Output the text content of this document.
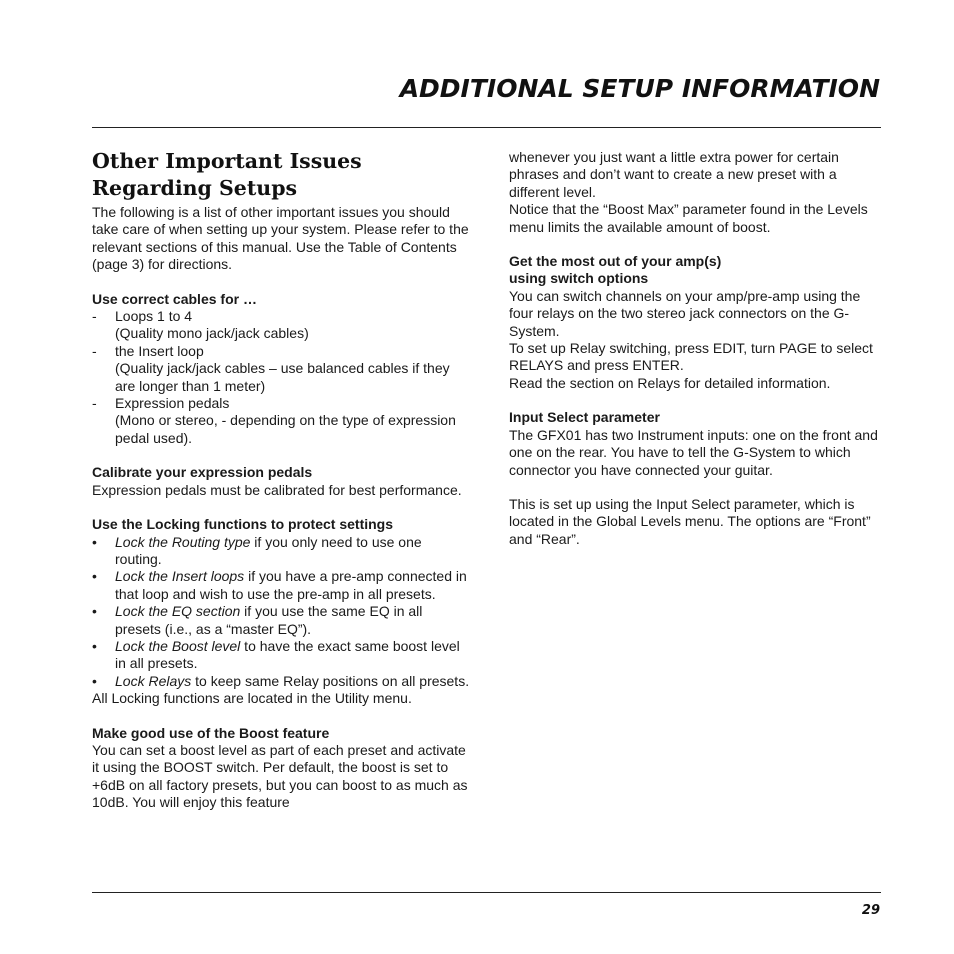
ADDITIONAL SETUP INFORMATION
Other Important Issues
Regarding Setups

The following is a list of other important issues you should take care of when setting up your system. Please refer to the relevant sections of this manual. Use the Table of Contents (page 3) for directions.

Use correct cables for …

- Loops 1 to 4
(Quality mono jack/jack cables)
- the Insert loop
(Quality jack/jack cables – use balanced cables if they are longer than 1 meter)
- Expression pedals
(Mono or stereo, - depending on the type of expression pedal used).

Calibrate your expression pedals

Expression pedals must be calibrated for best performance.

Use the Locking functions to protect settings

• Lock the Routing type if you only need to use one routing.
• Lock the Insert loops if you have a pre-amp connected in that loop and wish to use the pre-amp in all presets.
• Lock the EQ section if you use the same EQ in all presets (i.e., as a “master EQ”).
• Lock the Boost level to have the exact same boost level in all presets.
• Lock Relays to keep same Relay positions on all presets.

All Locking functions are located in the Utility menu.

Make good use of the Boost feature

You can set a boost level as part of each preset and activate it using the BOOST switch. Per default, the boost is set to +6dB on all factory presets, but you can boost to as much as 10dB. You will enjoy this feature

whenever you just want a little extra power for certain phrases and don’t want to create a new preset with a different level.

Notice that the “Boost Max” parameter found in the Levels menu limits the available amount of boost.

Get the most out of your amp(s)
using switch options

You can switch channels on your amp/pre-amp using the four relays on the two stereo jack connectors on the G-System.

To set up Relay switching, press EDIT, turn PAGE to select RELAYS and press ENTER.

Read the section on Relays for detailed information.

Input Select parameter

The GFX01 has two Instrument inputs: one on the front and one on the rear. You have to tell the G-System to which connector you have connected your guitar.

This is set up using the Input Select parameter, which is located in the Global Levels menu. The options are “Front” and “Rear”.

29
